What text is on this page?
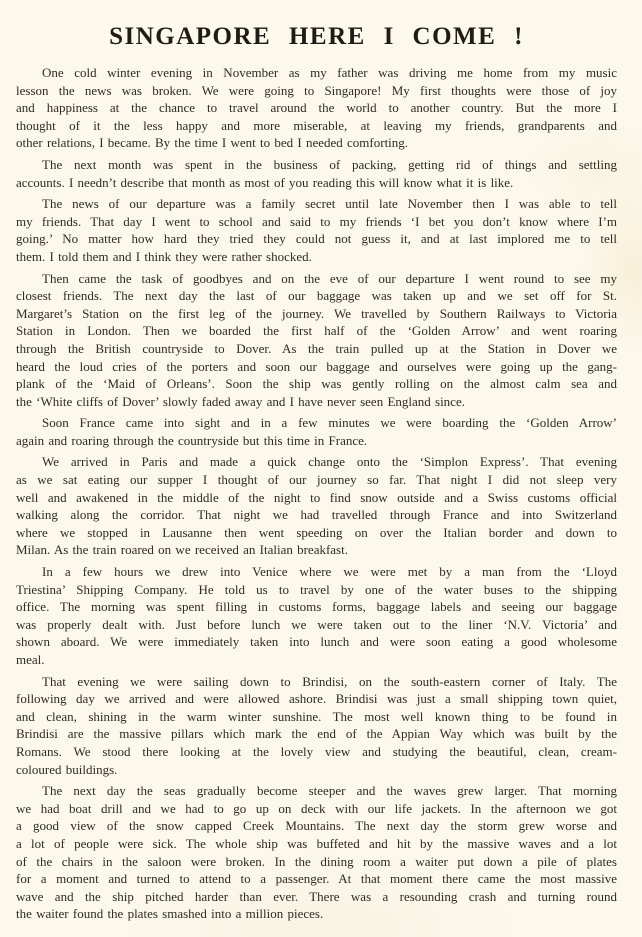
SINGAPORE HERE I COME !
One cold winter evening in November as my father was driving me home from my music
lesson the news was broken. We were going to Singapore! My first thoughts were those of joy
and happiness at the chance to travel around the world to another country. But the more I
thought of it the less happy and more miserable, at leaving my friends, grandparents and
other relations, I became. By the time I went to bed I needed comforting.
The next month was spent in the business of packing, getting rid of things and settling
accounts. I needn’t describe that month as most of you reading this will know what it is like.
The news of our departure was a family secret until late November then I was able to tell
my friends. That day I went to school and said to my friends ‘I bet you don’t know where I’m
going.’ No matter how hard they tried they could not guess it, and at last implored me to tell
them. I told them and I think they were rather shocked.
Then came the task of goodbyes and on the eve of our departure I went round to see my
closest friends. The next day the last of our baggage was taken up and we set off for St.
Margaret’s Station on the first leg of the journey. We travelled by Southern Railways to Victoria
Station in London. Then we boarded the first half of the ‘Golden Arrow’ and went roaring
through the British countryside to Dover. As the train pulled up at the Station in Dover we
heard the loud cries of the porters and soon our baggage and ourselves were going up the gang-
plank of the ‘Maid of Orleans’. Soon the ship was gently rolling on the almost calm sea and
the ‘White cliffs of Dover’ slowly faded away and I have never seen England since.
Soon France came into sight and in a few minutes we were boarding the ‘Golden Arrow’
again and roaring through the countryside but this time in France.
We arrived in Paris and made a quick change onto the ‘Simplon Express’. That evening
as we sat eating our supper I thought of our journey so far. That night I did not sleep very
well and awakened in the middle of the night to find snow outside and a Swiss customs official
walking along the corridor. That night we had travelled through France and into Switzerland
where we stopped in Lausanne then went speeding on over the Italian border and down to
Milan. As the train roared on we received an Italian breakfast.
In a few hours we drew into Venice where we were met by a man from the ‘Lloyd
Triestina’ Shipping Company. He told us to travel by one of the water buses to the shipping
office. The morning was spent filling in customs forms, baggage labels and seeing our baggage
was properly dealt with. Just before lunch we were taken out to the liner ‘N.V. Victoria’ and
shown aboard. We were immediately taken into lunch and were soon eating a good wholesome
meal.
That evening we were sailing down to Brindisi, on the south-eastern corner of Italy. The
following day we arrived and were allowed ashore. Brindisi was just a small shipping town quiet,
and clean, shining in the warm winter sunshine. The most well known thing to be found in
Brindisi are the massive pillars which mark the end of the Appian Way which was built by the
Romans. We stood there looking at the lovely view and studying the beautiful, clean, cream-
coloured buildings.
The next day the seas gradually become steeper and the waves grew larger. That morning
we had boat drill and we had to go up on deck with our life jackets. In the afternoon we got
a good view of the snow capped Creek Mountains. The next day the storm grew worse and
a lot of people were sick. The whole ship was buffeted and hit by the massive waves and a lot
of the chairs in the saloon were broken. In the dining room a waiter put down a pile of plates
for a moment and turned to attend to a passenger. At that moment there came the most massive
wave and the ship pitched harder than ever. There was a resounding crash and turning round
the waiter found the plates smashed into a million pieces.
